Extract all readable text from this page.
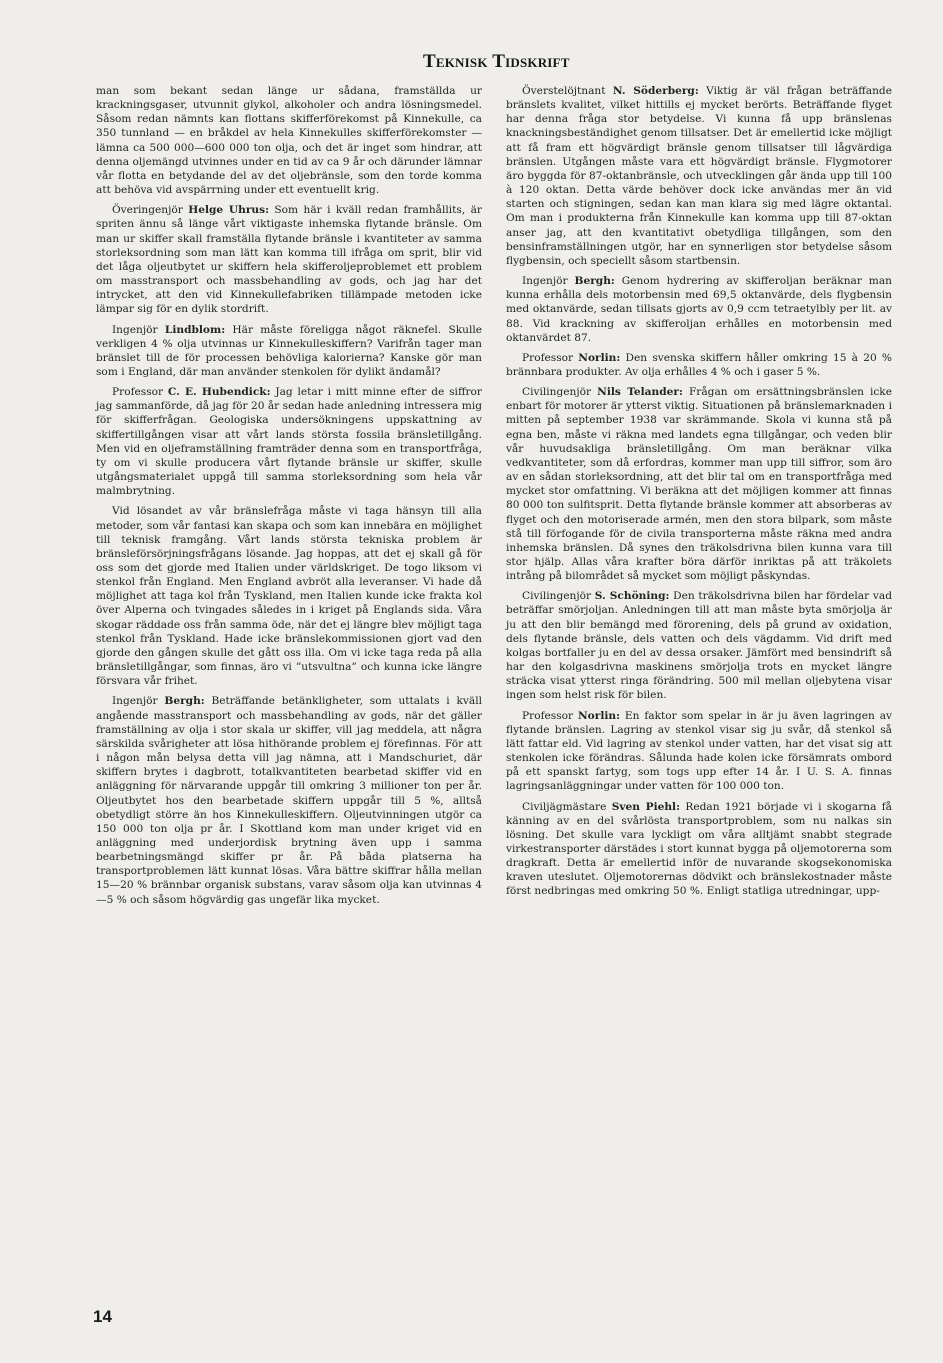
Teknisk Tidskrift

man som bekant sedan länge ur sådana, framställda ur krackningsgaser, utvunnit glykol, alkoholer och andra lösningsmedel. Såsom redan nämnts kan flottans skifferförekomst på Kinnekulle, ca 350 tunnland — en bråkdel av hela Kinnekulles skifferförekomster — lämna ca 500 000—600 000 ton olja, och det är inget som hindrar, att denna oljemängd utvinnes under en tid av ca 9 år och därunder lämnar vår flotta en betydande del av det oljebränsle, som den torde komma att behöva vid avspärrning under ett eventuellt krig.

Överingenjör Helge Uhrus: Som här i kväll redan framhållits, är spriten ännu så länge vårt viktigaste inhemska flytande bränsle. Om man ur skiffer skall framställa flytande bränsle i kvantiteter av samma storleksordning som man lätt kan komma till ifråga om sprit, blir vid det låga oljeutbytet ur skiffern hela skifferoljeproblemet ett problem om masstransport och massbehandling av gods, och jag har det intrycket, att den vid Kinnekullefabriken tillämpade metoden icke lämpar sig för en dylik stordrift.

Ingenjör Lindblom: Här måste föreligga något räknefel. Skulle verkligen 4 % olja utvinnas ur Kinnekulleskiffern? Varifrån tager man bränslet till de för processen behövliga kalorierna? Kanske gör man som i England, där man använder stenkolen för dylikt ändamål?

Professor C. E. Hubendick: Jag letar i mitt minne efter de siffror jag sammanförde, då jag för 20 år sedan hade anledning intressera mig för skifferfrågan. Geologiska undersökningens uppskattning av skiffertillgången visar att vårt lands största fossila bränsletillgång. Men vid en oljeframställning framträder denna som en transportfråga, ty om vi skulle producera vårt flytande bränsle ur skiffer, skulle utgångsmaterialet uppgå till samma storleksordning som hela vår malmbrytning.

Vid lösandet av vår bränslefråga måste vi taga hänsyn till alla metoder, som vår fantasi kan skapa och som kan innebära en möjlighet till teknisk framgång. Vårt lands största tekniska problem är bränsleförsörjningsfrågans lösande. Jag hoppas, att det ej skall gå för oss som det gjorde med Italien under världskriget. De togo liksom vi stenkol från England. Men England avbröt alla leveranser. Vi hade då möjlighet att taga kol från Tyskland, men Italien kunde icke frakta kol över Alperna och tvingades således in i kriget på Englands sida. Våra skogar räddade oss från samma öde, när det ej längre blev möjligt taga stenkol från Tyskland. Hade icke bränslekommissionen gjort vad den gjorde den gången skulle det gått oss illa. Om vi icke taga reda på alla bränsletillgångar, som finnas, äro vi ”utsvultna” och kunna icke längre försvara vår frihet.

Ingenjör Bergh: Beträffande betänkligheter, som uttalats i kväll angående masstransport och massbehandling av gods, när det gäller framställning av olja i stor skala ur skiffer, vill jag meddela, att några särskilda svårigheter att lösa hithörande problem ej förefinnas. För att i någon mån belysa detta vill jag nämna, att i Mandschuriet, där skiffern brytes i dagbrott, totalkvantiteten bearbetad skiffer vid en anläggning för närvarande uppgår till omkring 3 millioner ton per år. Oljeutbytet hos den bearbetade skiffern uppgår till 5 %, alltså obetydligt större än hos Kinnekulleskiffern. Oljeutvinningen utgör ca 150 000 ton olja pr år. I Skottland kom man under kriget vid en anläggning med underjordisk brytning även upp i samma bearbetningsmängd skiffer pr år. På båda platserna ha transportproblemen lätt kunnat lösas. Våra bättre skiffrar hålla mellan 15—20 % brännbar organisk substans, varav såsom olja kan utvinnas 4—5 % och såsom högvärdig gas ungefär lika mycket.

Överstelöjtnant N. Söderberg: Viktig är väl frågan beträffande bränslets kvalitet, vilket hittills ej mycket berörts. Beträffande flyget har denna fråga stor betydelse. Vi kunna få upp bränslenas knackningsbeständighet genom tillsatser. Det är emellertid icke möjligt att få fram ett högvärdigt bränsle genom tillsatser till lågvärdiga bränslen. Utgången måste vara ett högvärdigt bränsle. Flygmotorer äro byggda för 87-oktanbränsle, och utvecklingen går ända upp till 100 à 120 oktan. Detta värde behöver dock icke användas mer än vid starten och stigningen, sedan kan man klara sig med lägre oktantal. Om man i produkterna från Kinnekulle kan komma upp till 87-oktan anser jag, att den kvantitativt obetydliga tillgången, som den bensinframställningen utgör, har en synnerligen stor betydelse såsom flygbensin, och speciellt såsom startbensin.

Ingenjör Bergh: Genom hydrering av skifferoljan beräknar man kunna erhålla dels motorbensin med 69,5 oktanvärde, dels flygbensin med oktanvärde, sedan tillsats gjorts av 0,9 ccm tetraetylbly per lit. av 88. Vid krackning av skifferoljan erhålles en motorbensin med oktanvärdet 87.

Professor Norlin: Den svenska skiffern håller omkring 15 à 20 % brännbara produkter. Av olja erhålles 4 % och i gaser 5 %.

Civilingenjör Nils Telander: Frågan om ersättningsbränslen icke enbart för motorer är ytterst viktig. Situationen på bränslemarknaden i mitten på september 1938 var skrämmande. Skola vi kunna stå på egna ben, måste vi räkna med landets egna tillgångar, och veden blir vår huvudsakliga bränsletillgång. Om man beräknar vilka vedkvantiteter, som då erfordras, kommer man upp till siffror, som äro av en sådan storleksordning, att det blir tal om en transportfråga med mycket stor omfattning. Vi beräkna att det möjligen kommer att finnas 80 000 ton sulfitsprit. Detta flytande bränsle kommer att absorberas av flyget och den motoriserade armén, men den stora bilpark, som måste stå till förfogande för de civila transporterna måste räkna med andra inhemska bränslen. Då synes den träkolsdrivna bilen kunna vara till stor hjälp. Allas våra krafter böra därför inriktas på att träkolets intrång på bilområdet så mycket som möjligt påskyndas.

Civilingenjör S. Schöning: Den träkolsdrivna bilen har fördelar vad beträffar smörjoljan. Anledningen till att man måste byta smörjolja är ju att den blir bemängd med förorening, dels på grund av oxidation, dels flytande bränsle, dels vatten och dels vägdamm. Vid drift med kolgas bortfaller ju en del av dessa orsaker. Jämfört med bensindrift så har den kolgasdrivna maskinens smörjolja trots en mycket längre sträcka visat ytterst ringa förändring. 500 mil mellan oljebytena visar ingen som helst risk för bilen.

Professor Norlin: En faktor som spelar in är ju även lagringen av flytande bränslen. Lagring av stenkol visar sig ju svår, då stenkol så lätt fattar eld. Vid lagring av stenkol under vatten, har det visat sig att stenkolen icke förändras. Sålunda hade kolen icke försämrats ombord på ett spanskt fartyg, som togs upp efter 14 år. I U. S. A. finnas lagringsanläggningar under vatten för 100 000 ton.

Civiljägmästare Sven Piehl: Redan 1921 började vi i skogarna få känning av en del svårlösta transportproblem, som nu nalkas sin lösning. Det skulle vara lyckligt om våra alltjämt snabbt stegrade virkestransporter därstädes i stort kunnat bygga på oljemotorerna som dragkraft. Detta är emellertid inför de nuvarande skogsekonomiska kraven uteslutet. Oljemotorernas dödvikt och bränslekostnader måste först nedbringas med omkring 50 %. Enligt statliga utredningar, upp-

14
